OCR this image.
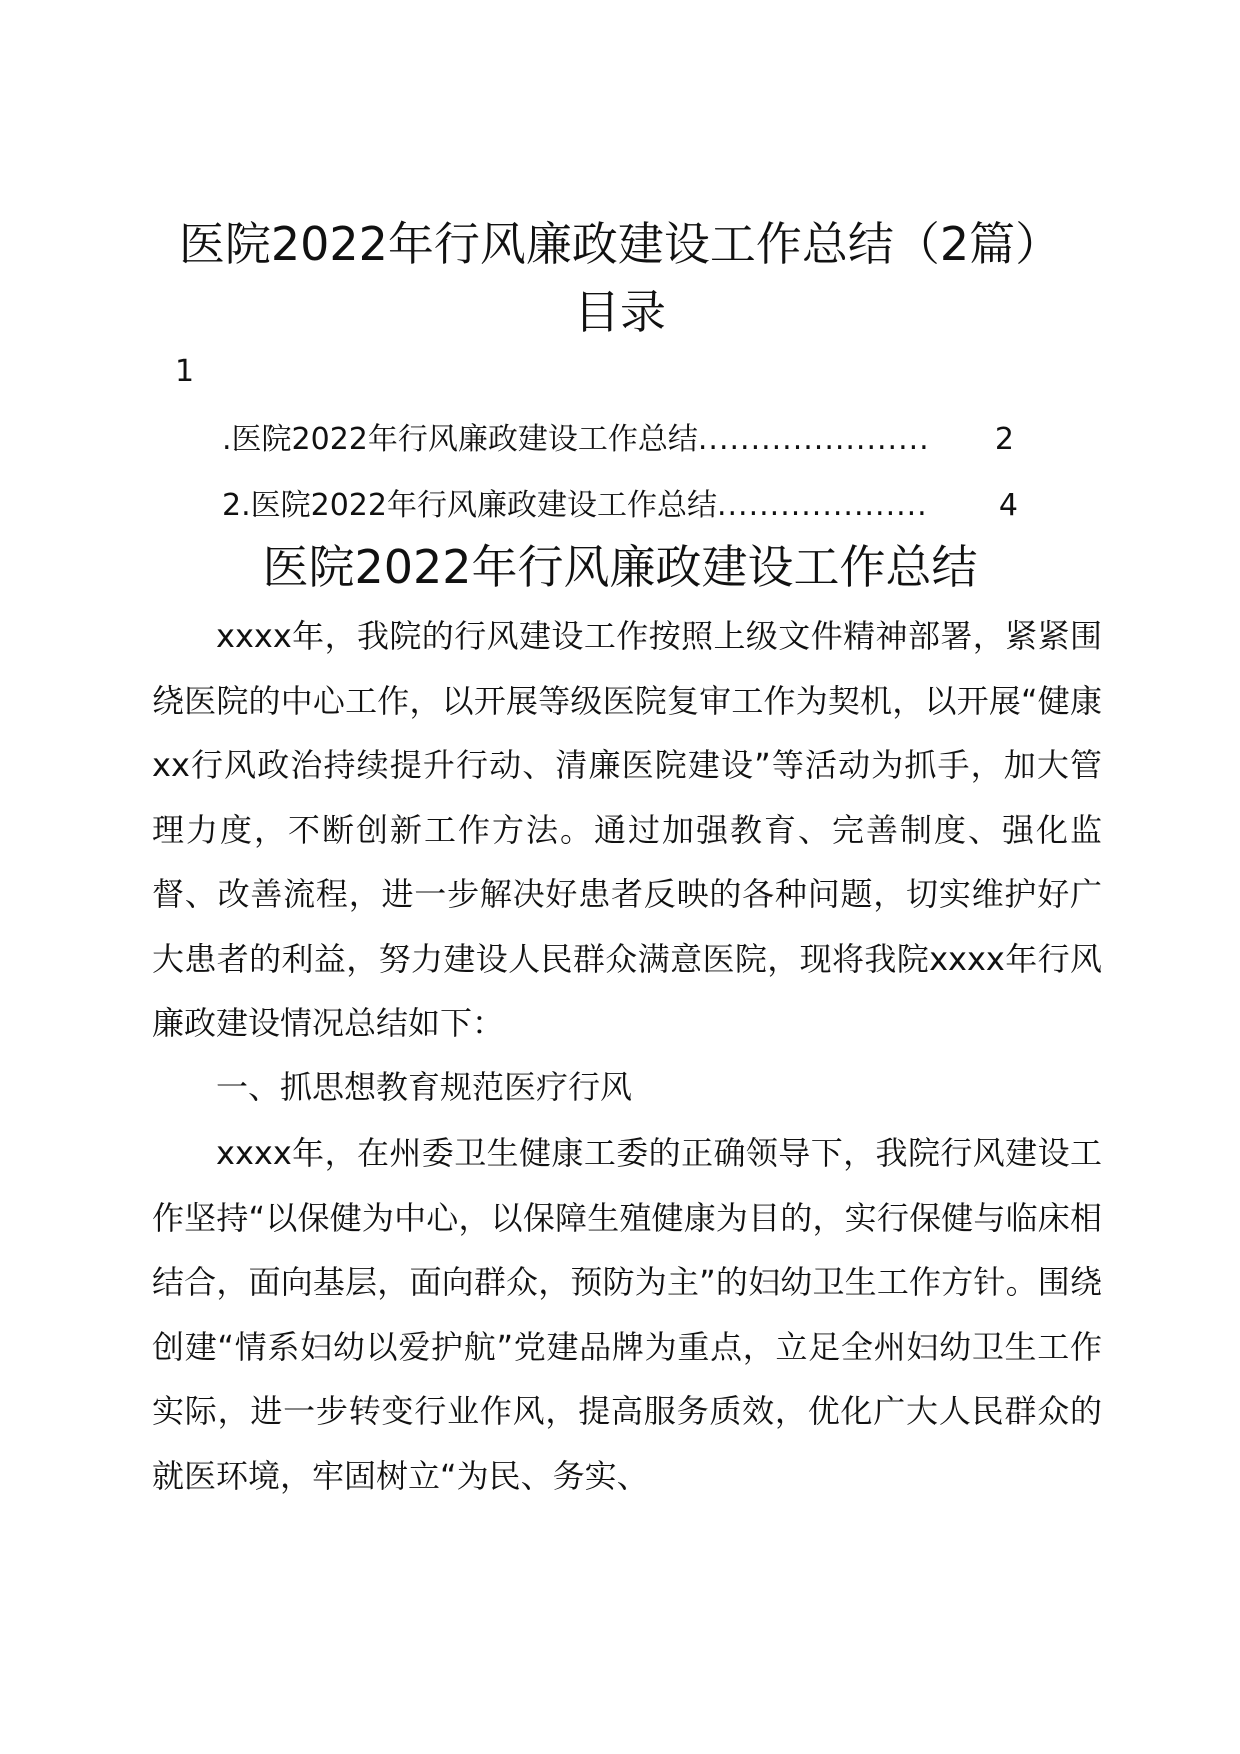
医院2022年行风廉政建设工作总结（2篇）
目录
1
.医院2022年行风廉政建设工作总结 ......................	2
2.医院2022年行风廉政建设工作总结 ....................	4
医院2022年行风廉政建设工作总结

xxxx年，我院的行风建设工作按照上级文件精神部署，紧紧围绕医院的中心工作，以开展等级医院复审工作为契机，以开展“健康xx行风政治持续提升行动、清廉医院建设”等活动为抓手，加大管理力度，不断创新工作方法。通过加强教育、完善制度、强化监督、改善流程，进一步解决好患者反映的各种问题，切实维护好广大患者的利益，努力建设人民群众满意医院，现将我院xxxx年行风廉政建设情况总结如下：

一、抓思想教育规范医疗行风

xxxx年，在州委卫生健康工委的正确领导下，我院行风建设工作坚持“以保健为中心，以保障生殖健康为目的，实行保健与临床相结合，面向基层，面向群众，预防为主”的妇幼卫生工作方针。围绕创建“情系妇幼以爱护航”党建品牌为重点，立足全州妇幼卫生工作实际，进一步转变行业作风，提高服务质效，优化广大人民群众的就医环境，牢固树立“为民、务实、
